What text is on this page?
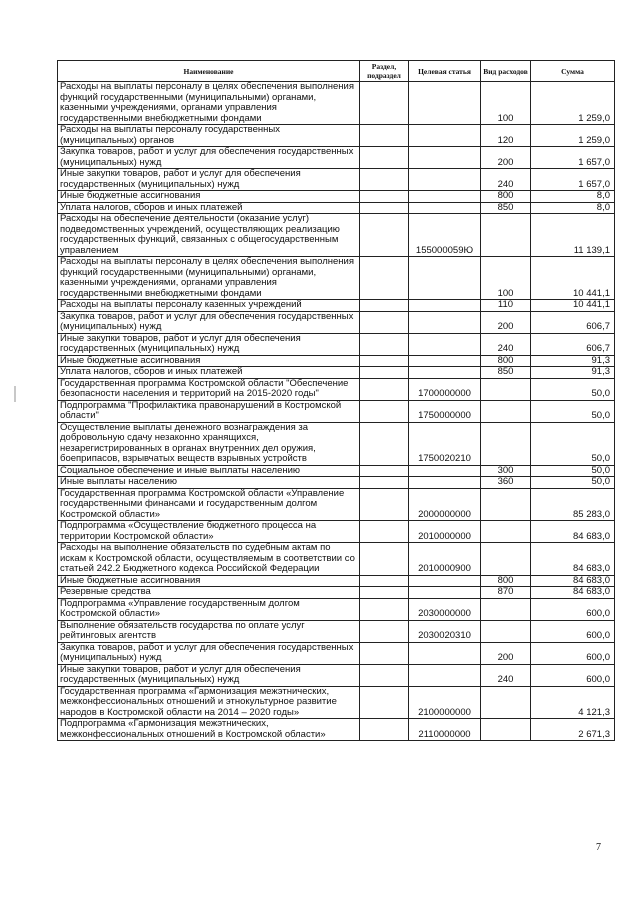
Наименование	Раздел, подраздел	Целевая статья	Вид расходов	Сумма
Расходы на выплаты персоналу в целях обеспечения выполнения функций государственными (муниципальными) органами, казенными учреждениями, органами управления государственными внебюджетными фондами			100	1 259,0
Расходы на выплаты персоналу государственных (муниципальных) органов			120	1 259,0
Закупка товаров, работ и услуг для обеспечения государственных (муниципальных) нужд			200	1 657,0
Иные закупки товаров, работ и услуг для обеспечения государственных (муниципальных) нужд			240	1 657,0
Иные бюджетные ассигнования			800	8,0
Уплата налогов, сборов и иных платежей			850	8,0
Расходы на обеспечение деятельности (оказание услуг) подведомственных учреждений, осуществляющих реализацию государственных функций, связанных с общегосударственным управлением		155000059Ю		11 139,1
Расходы на выплаты персоналу в целях обеспечения выполнения функций государственными (муниципальными) органами, казенными учреждениями, органами управления государственными внебюджетными фондами			100	10 441,1
Расходы на выплаты персоналу казенных учреждений			110	10 441,1
Закупка товаров, работ и услуг для обеспечения государственных (муниципальных) нужд			200	606,7
Иные закупки товаров, работ и услуг для обеспечения государственных (муниципальных) нужд			240	606,7
Иные бюджетные ассигнования			800	91,3
Уплата налогов, сборов и иных платежей			850	91,3
Государственная программа Костромской области "Обеспечение безопасности населения и территорий на 2015-2020 годы"		1700000000		50,0
Подпрограмма "Профилактика правонарушений в Костромской области"		1750000000		50,0
Осуществление выплаты денежного вознаграждения за добровольную сдачу незаконно хранящихся, незарегистрированных в органах внутренних дел оружия, боеприпасов, взрывчатых веществ взрывных устройств		1750020210		50,0
Социальное обеспечение и иные выплаты населению			300	50,0
Иные выплаты населению			360	50,0
Государственная программа Костромской области «Управление государственными финансами и государственным долгом Костромской области»		2000000000		85 283,0
Подпрограмма «Осуществление бюджетного процесса на территории Костромской области»		2010000000		84 683,0
Расходы на выполнение обязательств по судебным актам по искам к Костромской области, осуществляемым в соответствии со статьей 242.2 Бюджетного кодекса Российской Федерации		2010000900		84 683,0
Иные бюджетные ассигнования			800	84 683,0
Резервные средства			870	84 683,0
Подпрограмма «Управление государственным долгом Костромской области»		2030000000		600,0
Выполнение обязательств государства по оплате услуг рейтинговых агентств		2030020310		600,0
Закупка товаров, работ и услуг для обеспечения государственных (муниципальных) нужд			200	600,0
Иные закупки товаров, работ и услуг для обеспечения государственных (муниципальных) нужд			240	600,0
Государственная программа «Гармонизация межэтнических, межконфессиональных отношений и этнокультурное развитие народов в Костромской области на 2014 – 2020 годы»		2100000000		4 121,3
Подпрограмма «Гармонизация межэтнических, межконфессиональных отношений в Костромской области»		2110000000		2 671,3
7
